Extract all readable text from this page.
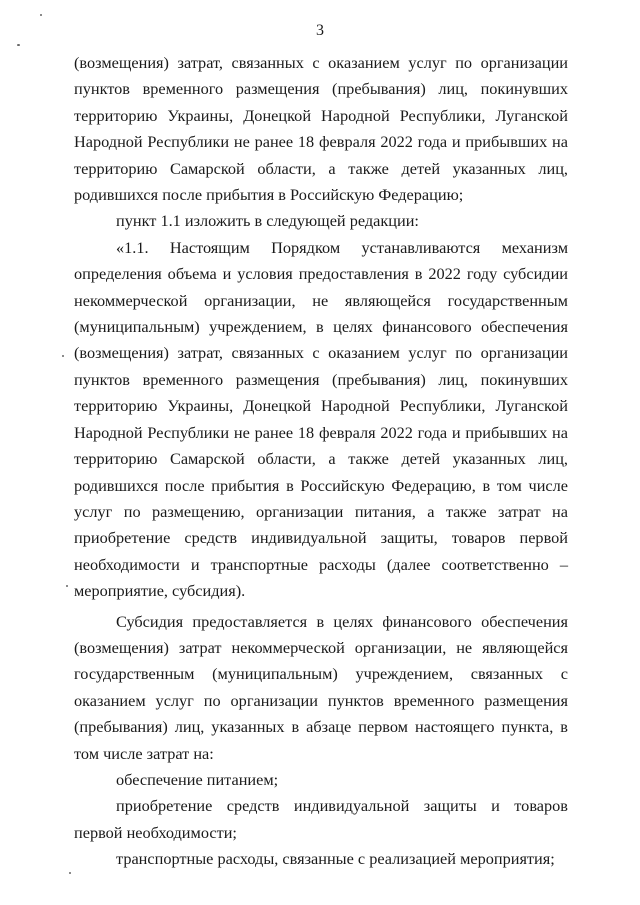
3

(возмещения) затрат, связанных с оказанием услуг по организации пунктов временного размещения (пребывания) лиц, покинувших территорию Украины, Донецкой Народной Республики, Луганской Народной Республики не ранее 18 февраля 2022 года и прибывших на территорию Самарской области, а также детей указанных лиц, родившихся после прибытия в Российскую Федерацию;

пункт 1.1 изложить в следующей редакции:

«1.1. Настоящим Порядком устанавливаются механизм определения объема и условия предоставления в 2022 году субсидии некоммерческой организации, не являющейся государственным (муниципальным) учреждением, в целях финансового обеспечения (возмещения) затрат, связанных с оказанием услуг по организации пунктов временного размещения (пребывания) лиц, покинувших территорию Украины, Донецкой Народной Республики, Луганской Народной Республики не ранее 18 февраля 2022 года и прибывших на территорию Самарской области, а также детей указанных лиц, родившихся после прибытия в Российскую Федерацию, в том числе услуг по размещению, организации питания, а также затрат на приобретение средств индивидуальной защиты, товаров первой необходимости и транспортные расходы (далее соответственно – мероприятие, субсидия).

Субсидия предоставляется в целях финансового обеспечения (возмещения) затрат некоммерческой организации, не являющейся государственным (муниципальным) учреждением, связанных с оказанием услуг по организации пунктов временного размещения (пребывания) лиц, указанных в абзаце первом настоящего пункта, в том числе затрат на:

обеспечение питанием;

приобретение средств индивидуальной защиты и товаров первой необходимости;

транспортные расходы, связанные с реализацией мероприятия;
